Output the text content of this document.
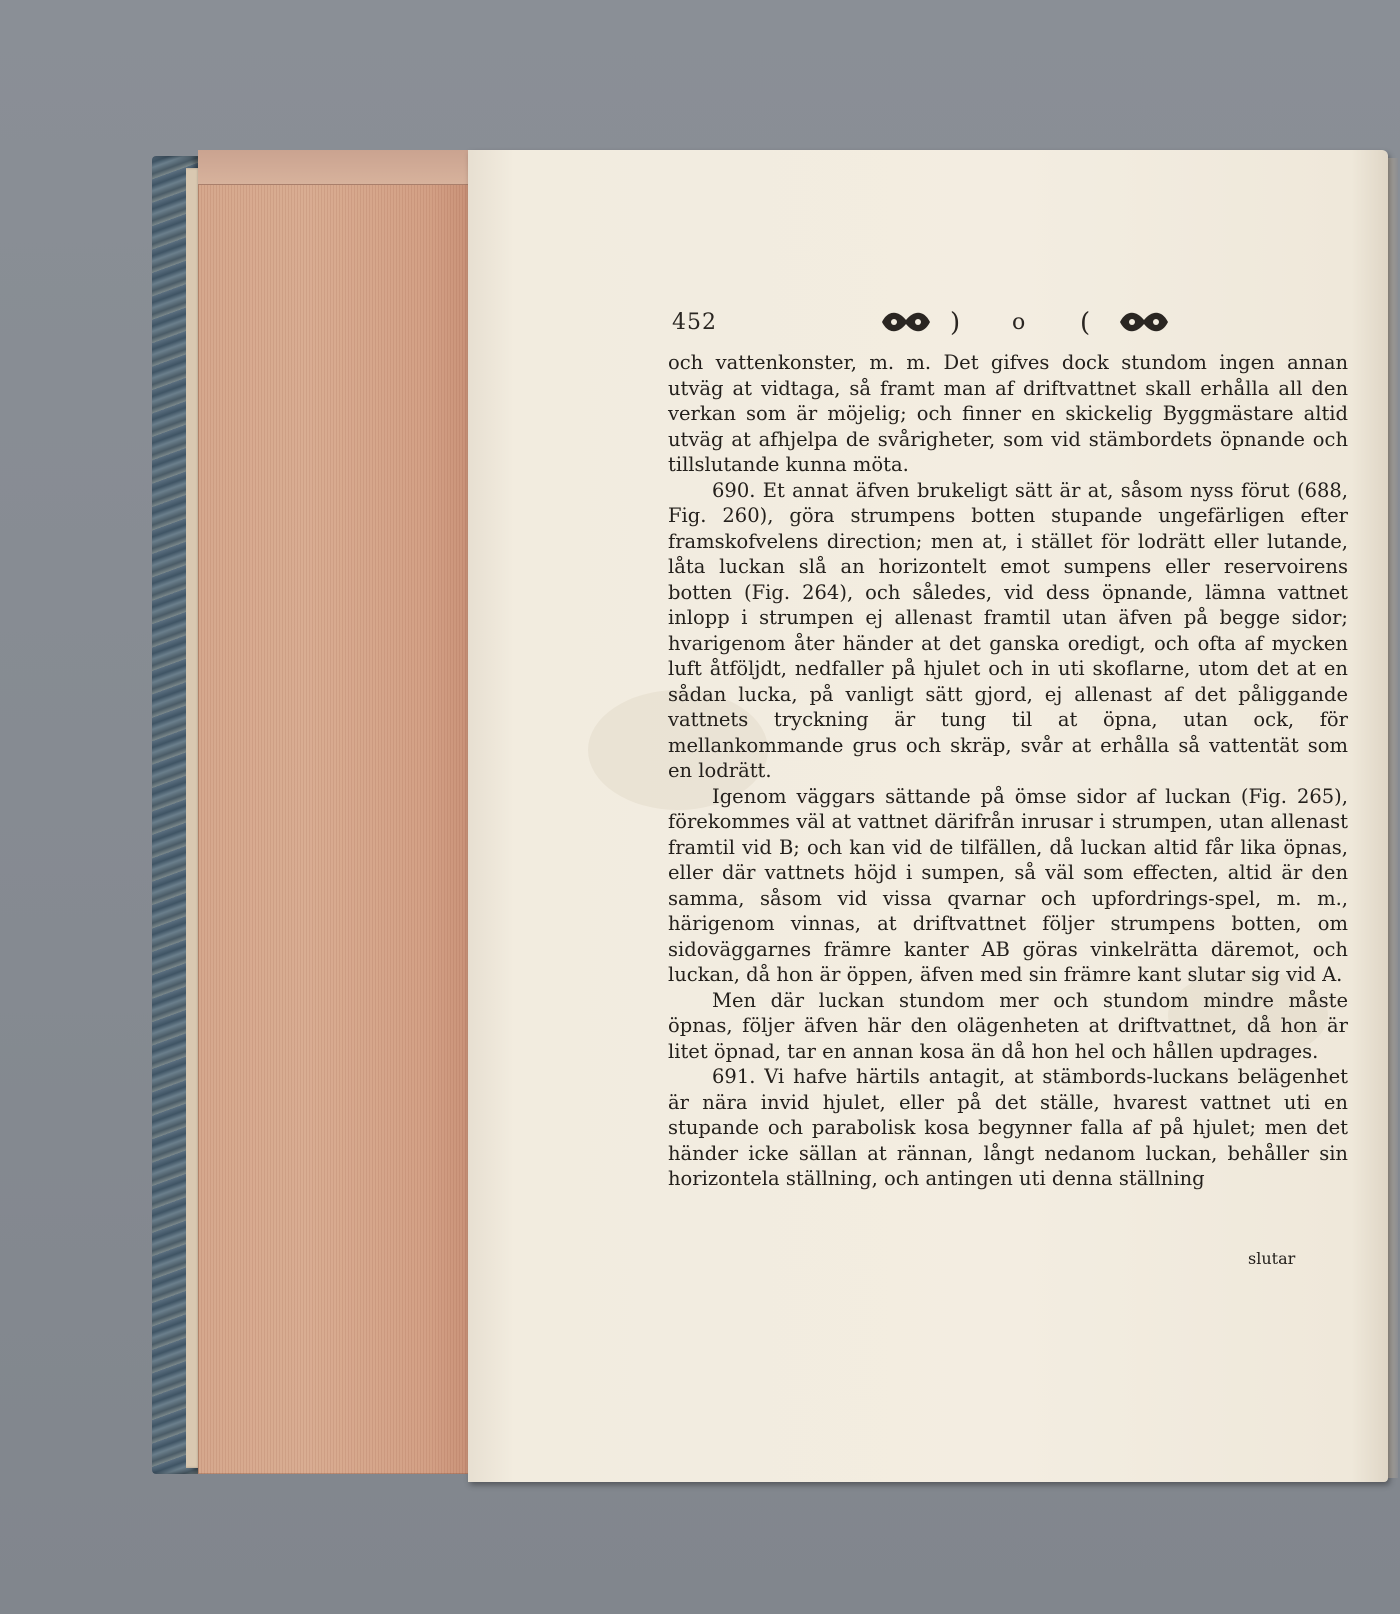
452	) o (

och vattenkonster, m. m. Det gifves dock stundom ingen annan utväg at vidtaga, så framt man af driftvattnet skall erhålla all den verkan som är möjelig; och finner en skickelig Byggmästare altid utväg at afhjelpa de svårigheter, som vid stämbordets öpnande och tillslutande kunna möta.

690. Et annat äfven brukeligt sätt är at, såsom nyss förut (688, Fig. 260), göra strumpens botten stupande ungefärligen efter framskofvelens direction; men at, i stället för lodrätt eller lutande, låta luckan slå an horizontelt emot sumpens eller reservoirens botten (Fig. 264), och således, vid dess öpnande, lämna vattnet inlopp i strumpen ej allenast framtil utan äfven på begge sidor; hvarigenom åter händer at det ganska oredigt, och ofta af mycken luft åtföljdt, nedfaller på hjulet och in uti skoflarne, utom det at en sådan lucka, på vanligt sätt gjord, ej allenast af det påliggande vattnets tryckning är tung til at öpna, utan ock, för mellankommande grus och skräp, svår at erhålla så vattentät som en lodrätt.

Igenom väggars sättande på ömse sidor af luckan (Fig. 265), förekommes väl at vattnet därifrån inrusar i strumpen, utan allenast framtil vid B; och kan vid de tilfällen, då luckan altid får lika öpnas, eller där vattnets höjd i sumpen, så väl som effecten, altid är den samma, såsom vid vissa qvarnar och upfordrings-spel, m. m., härigenom vinnas, at driftvattnet följer strumpens botten, om sidoväggarnes främre kanter AB göras vinkelrätta däremot, och luckan, då hon är öppen, äfven med sin främre kant slutar sig vid A.

Men där luckan stundom mer och stundom mindre måste öpnas, följer äfven här den olägenheten at driftvattnet, då hon är litet öpnad, tar en annan kosa än då hon hel och hållen updrages.

691. Vi hafve härtils antagit, at stämbords-luckans belägenhet är nära invid hjulet, eller på det ställe, hvarest vattnet uti en stupande och parabolisk kosa begynner falla af på hjulet; men det händer icke sällan at rännan, långt nedanom luckan, behåller sin horizontela ställning, och antingen uti denna ställning

slutar
